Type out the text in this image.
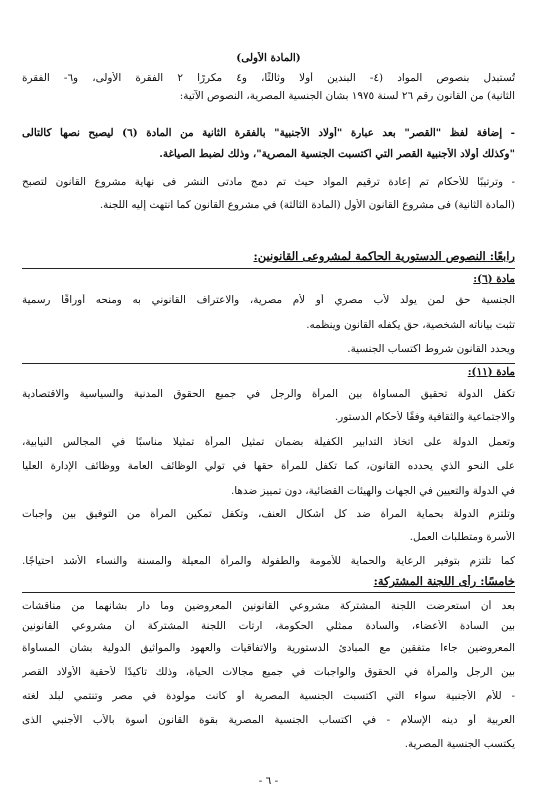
(المادة الأولى)
تُستبدل بنصوص المواد (٤- البندين أولًا وثالثًا، و٤ مكررًا ٢ الفقرة الأولى، و٦- الفقرة
الثانية) من القانون رقم ٢٦ لسنة ١٩٧٥ بشأن الجنسية المصرية، النصوص الآتية:
- إضافة لفظ "القصر" بعد عبارة "أولاد الأجنبية" بالفقرة الثانية من المادة (٦) ليصبح نصها كالتالى
"وكذلك أولاد الأجنبية القصر التي اكتسبت الجنسية المصرية"، وذلك لضبط الصياغة.
- وترتيبًا للأحكام تم إعادة ترقيم المواد حيث تم دمج مادتى النشر فى نهاية مشروع القانون لتصبح
(المادة الثانية) فى مشروع القانون الأول (المادة الثالثة) في مشروع القانون كما انتهت إليه اللجنة.
رابعًا: النصوص الدستورية الحاكمة لمشروعى القانونين:
مادة (٦):
الجنسية حق لمن يولد لأب مصري أو لأم مصرية، والاعتراف القانوني به ومنحه أوراقًا رسمية
تثبت بياناته الشخصية، حق يكفله القانون وينظمه.
ويحدد القانون شروط اكتساب الجنسية.
مادة (١١):
تكفل الدولة تحقيق المساواة بين المرأة والرجل في جميع الحقوق المدنية والسياسية والاقتصادية
والاجتماعية والثقافية وفقًا لأحكام الدستور.
وتعمل الدولة على اتخاذ التدابير الكفيلة بضمان تمثيل المرأة تمثيلا مناسبًا في المجالس النيابية،
على النحو الذي يحدده القانون، كما تكفل للمرأة حقها في تولي الوظائف العامة ووظائف الإدارة العليا
في الدولة والتعيين في الجهات والهيئات القضائية، دون تمييز ضدها.
وتلتزم الدولة بحماية المرأة ضد كل أشكال العنف، وتكفل تمكين المرأة من التوفيق بين واجبات
الأسرة ومتطلبات العمل.
كما تلتزم بتوفير الرعاية والحماية للأمومة والطفولة والمرأة المعيلة والمسنة والنساء الأشد احتياجًا.
خامسًا: رأى اللجنة المشتركة:
بعد أن استعرضت اللجنة المشتركة مشروعي القانونين المعروضين وما دار بشأنهما من مناقشات
بين السادة الأعضاء، والسادة ممثلي الحكومة، ارتأت اللجنة المشتركة أن مشروعي القانونين
المعروضين جاءا متفقين مع المبادئ الدستورية والاتفاقيات والعهود والمواثيق الدولية بشأن المساواة
بين الرجل والمرأة في الحقوق والواجبات في جميع مجالات الحياة، وذلك تأكيدًا لأحقية الأولاد القصر
- للأم الأجنبية سواء التي اكتسبت الجنسية المصرية أو كانت مولودة في مصر وتنتمي لبلد لغته
العربية أو دينه الإسلام - في اكتساب الجنسية المصرية بقوة القانون أسوة بالأب الأجنبي الذى
يكتسب الجنسية المصرية.
- ٦ -
